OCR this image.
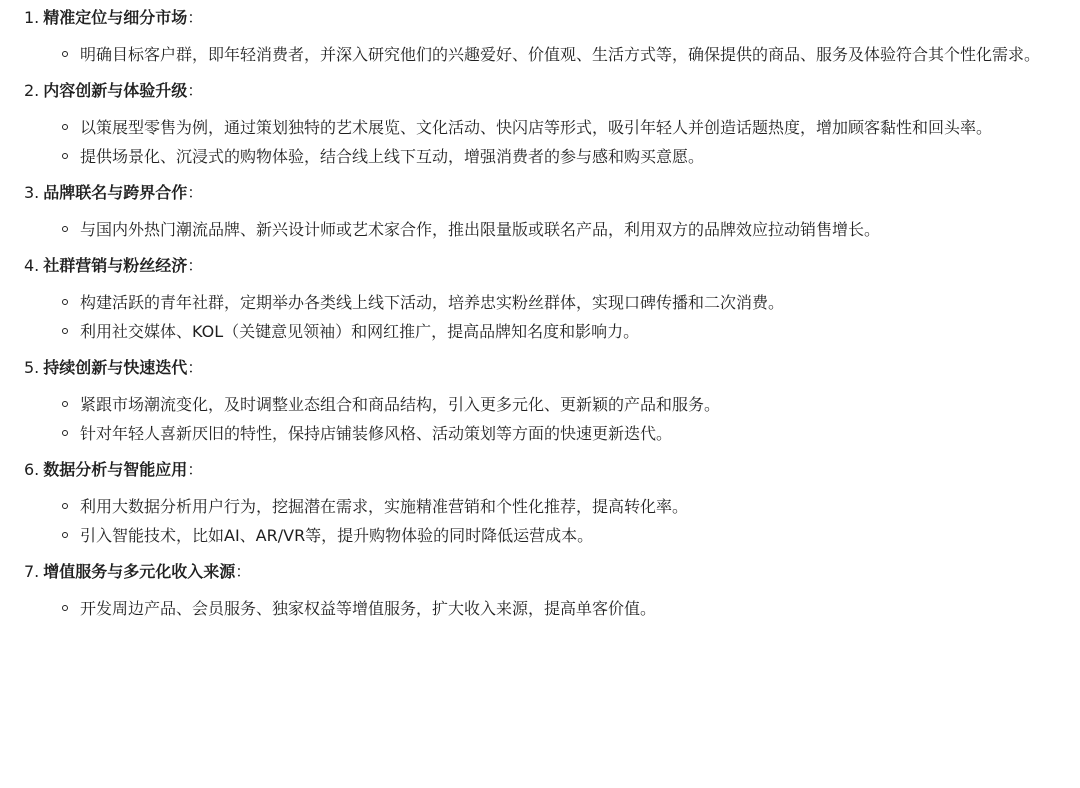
1. 精准定位与细分市场：
明确目标客户群，即年轻消费者，并深入研究他们的兴趣爱好、价值观、生活方式等，确保提供的商品、服务及体验符合其个性化需求。
2. 内容创新与体验升级：
以策展型零售为例，通过策划独特的艺术展览、文化活动、快闪店等形式，吸引年轻人并创造话题热度，增加顾客黏性和回头率。
提供场景化、沉浸式的购物体验，结合线上线下互动，增强消费者的参与感和购买意愿。
3. 品牌联名与跨界合作：
与国内外热门潮流品牌、新兴设计师或艺术家合作，推出限量版或联名产品，利用双方的品牌效应拉动销售增长。
4. 社群营销与粉丝经济：
构建活跃的青年社群，定期举办各类线上线下活动，培养忠实粉丝群体，实现口碑传播和二次消费。
利用社交媒体、KOL（关键意见领袖）和网红推广，提高品牌知名度和影响力。
5. 持续创新与快速迭代：
紧跟市场潮流变化，及时调整业态组合和商品结构，引入更多元化、更新颖的产品和服务。
针对年轻人喜新厌旧的特性，保持店铺装修风格、活动策划等方面的快速更新迭代。
6. 数据分析与智能应用：
利用大数据分析用户行为，挖掘潜在需求，实施精准营销和个性化推荐，提高转化率。
引入智能技术，比如AI、AR/VR等，提升购物体验的同时降低运营成本。
7. 增值服务与多元化收入来源：
开发周边产品、会员服务、独家权益等增值服务，扩大收入来源，提高单客价值。
